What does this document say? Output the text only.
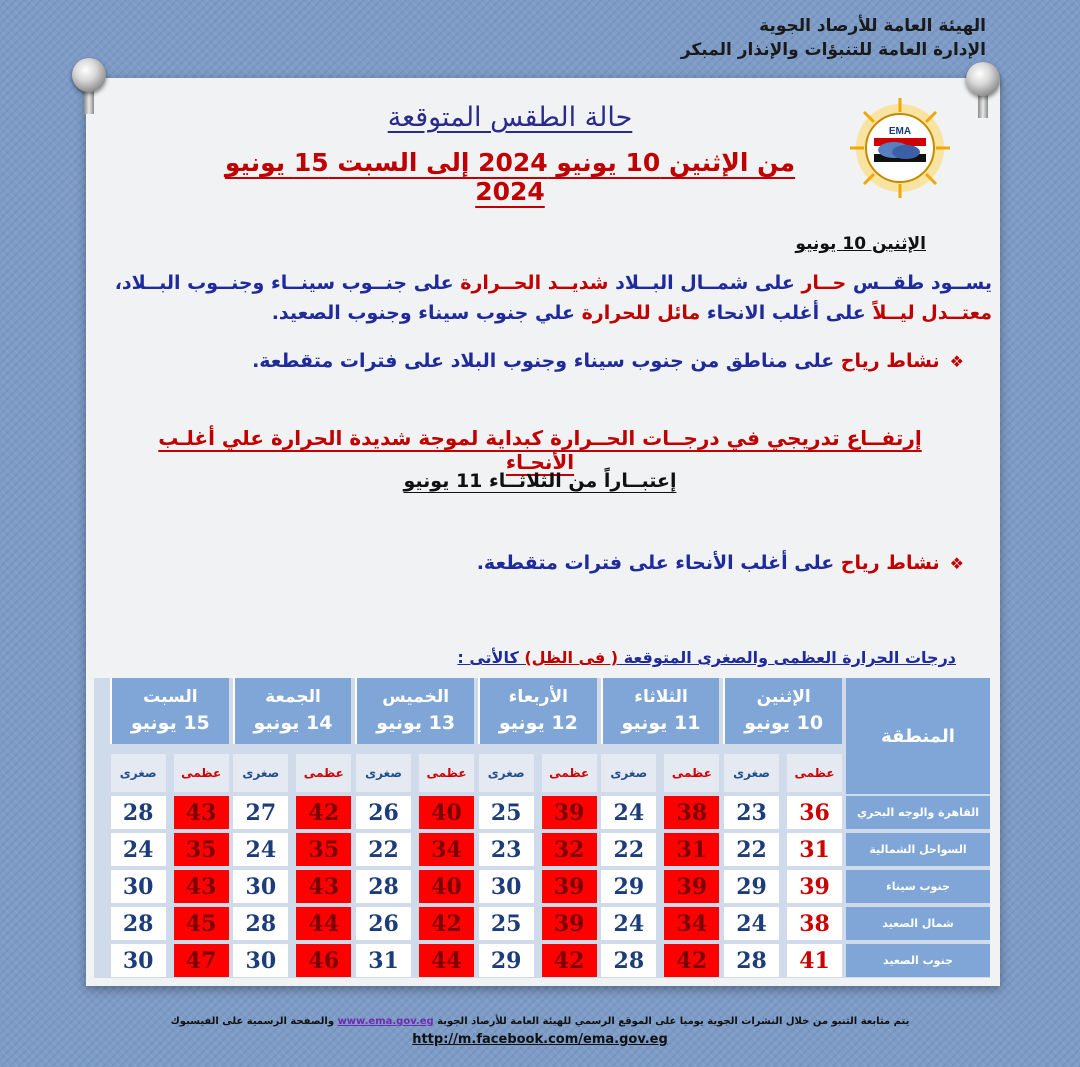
الهيئة العامة للأرصاد الجوية
الإدارة العامة للتنبؤات والإنذار المبكر
EMA
حالة الطقس المتوقعة
من الإثنين 10 يونيو 2024 إلى السبت 15 يونيو 2024
الإثنين 10 يونيو
يســود طقــس حــار على شمــال البــلاد شديــد الحــرارة على جنــوب سينــاء وجنــوب البــلاد،
معتــدل ليــلاً على أغلب الانحاء مائل للحرارة علي جنوب سيناء وجنوب الصعيد.
❖نشاط رياح على مناطق من جنوب سيناء وجنوب البلاد على فترات متقطعة.
إرتفــاع تدريجي في درجــات الحــرارة كبداية لموجة شديدة الحرارة علي أغلـب الأنحـاء
إعتبــاراً من الثلاثــاء 11 يونيو
❖نشاط رياح على أغلب الأنحاء على فترات متقطعة.
درجات الحرارة العظمى والصغرى المتوقعة ( فى الظل) كالأتى :
المنطقة
الإثنين
10 يونيو
عظمى
صغرى
الثلاثاء
11 يونيو
عظمى
صغرى
الأربعاء
12 يونيو
عظمى
صغرى
الخميس
13 يونيو
عظمى
صغرى
الجمعة
14 يونيو
عظمى
صغرى
السبت
15 يونيو
عظمى
صغرى
القاهرة والوجه البحري
36
23
38
24
39
25
40
26
42
27
43
28
السواحل الشمالية
31
22
31
22
32
23
34
22
35
24
35
24
جنوب سيناء
39
29
39
29
39
30
40
28
43
30
43
30
شمال الصعيد
38
24
34
24
39
25
42
26
44
28
45
28
جنوب الصعيد
41
28
42
28
42
29
44
31
46
30
47
30
يتم متابعة التنبو من خلال النشرات الجوية يوميا على الموقع الرسمي للهيئة العامة للأرصاد الجوية www.ema.gov.eg والصفحة الرسمية على الفيسبوك
http://m.facebook.com/ema.gov.eg
